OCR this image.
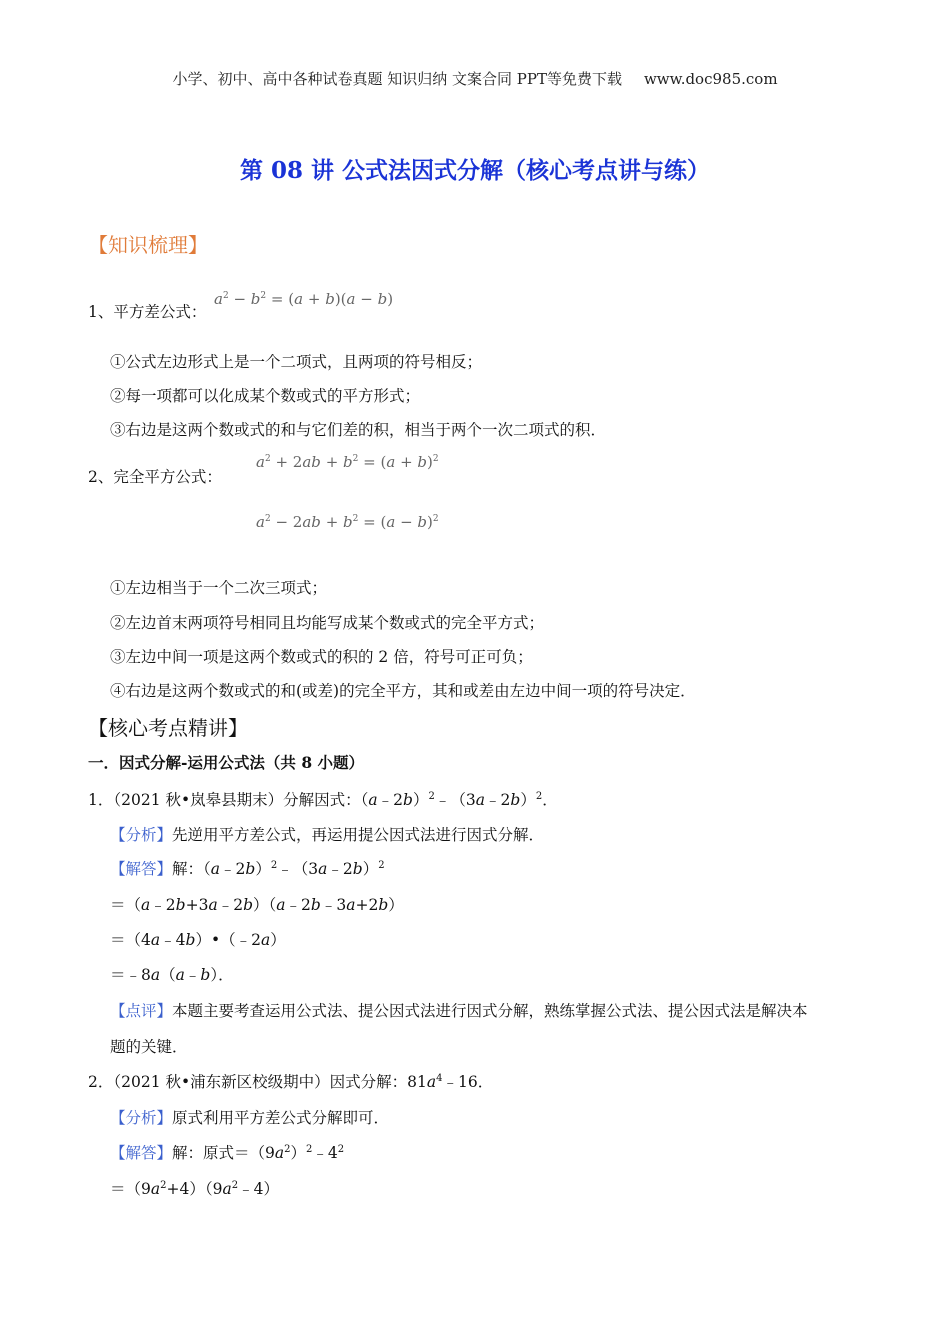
小学、初中、高中各种试卷真题 知识归纳 文案合同 PPT等免费下载 www.doc985.com
第 08 讲 公式法因式分解（核心考点讲与练）
【知识梳理】
1、平方差公式：
$a^2 - b^2 = (a + b)(a - b)$
①公式左边形式上是一个二项式，且两项的符号相反；
②每一项都可以化成某个数或式的平方形式；
③右边是这两个数或式的和与它们差的积，相当于两个一次二项式的积．
2、完全平方公式：
$a^2 + 2ab + b^2 = (a + b)^2$
$a^2 - 2ab + b^2 = (a - b)^2$
①左边相当于一个二次三项式；
②左边首末两项符号相同且均能写成某个数或式的完全平方式；
③左边中间一项是这两个数或式的积的 2 倍，符号可正可负；
④右边是这两个数或式的和(或差)的完全平方，其和或差由左边中间一项的符号决定．
【核心考点精讲】
一．因式分解-运用公式法（共 8 小题）
1．（2021 秋•岚皋县期末）分解因式：（a﹣2b）$^2$﹣（3a﹣2b）$^2$．
【分析】先逆用平方差公式，再运用提公因式法进行因式分解．
【解答】解：（a﹣2b）$^2$﹣（3a﹣2b）$^2$
＝（a﹣2b+3a﹣2b）（a﹣2b﹣3a+2b）
＝（4a﹣4b）•（﹣2a）
＝﹣8a（a﹣b）．
【点评】本题主要考查运用公式法、提公因式法进行因式分解，熟练掌握公式法、提公因式法是解决本
题的关键．
2．（2021 秋•浦东新区校级期中）因式分解：$81a^4﹣16$．
【分析】原式利用平方差公式分解即可．
【解答】解：原式$=(9a^2)^2﹣4^2$
$=(9a^2+4)(9a^2﹣4)$
